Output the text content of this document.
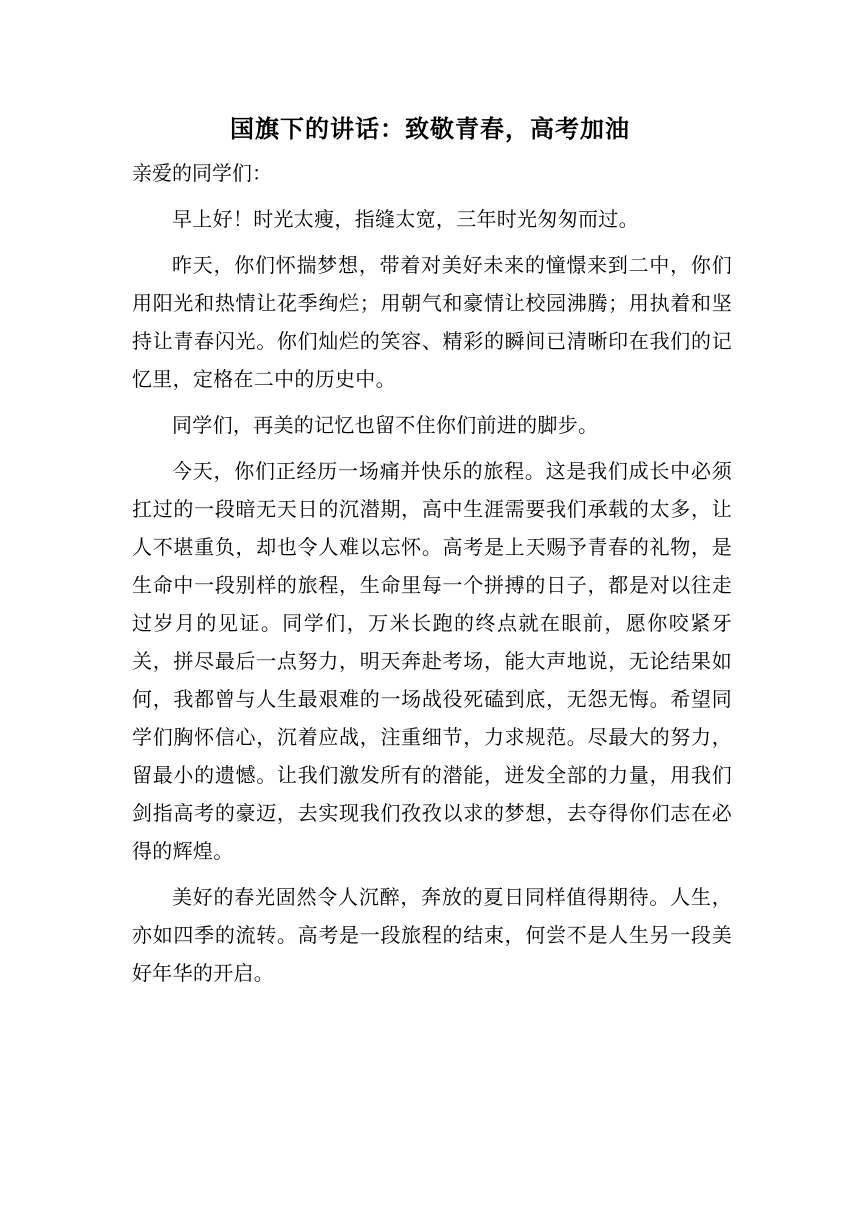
国旗下的讲话：致敬青春，高考加油

亲爱的同学们：

早上好！时光太瘦，指缝太宽，三年时光匆匆而过。

昨天，你们怀揣梦想，带着对美好未来的憧憬来到二中，你们用阳光和热情让花季绚烂；用朝气和豪情让校园沸腾；用执着和坚持让青春闪光。你们灿烂的笑容、精彩的瞬间已清晰印在我们的记忆里，定格在二中的历史中。

同学们，再美的记忆也留不住你们前进的脚步。

今天，你们正经历一场痛并快乐的旅程。这是我们成长中必须扛过的一段暗无天日的沉潜期，高中生涯需要我们承载的太多，让人不堪重负，却也令人难以忘怀。高考是上天赐予青春的礼物，是生命中一段别样的旅程，生命里每一个拼搏的日子，都是对以往走过岁月的见证。同学们，万米长跑的终点就在眼前，愿你咬紧牙关，拼尽最后一点努力，明天奔赴考场，能大声地说，无论结果如何，我都曾与人生最艰难的一场战役死磕到底，无怨无悔。希望同学们胸怀信心，沉着应战，注重细节，力求规范。尽最大的努力，留最小的遗憾。让我们激发所有的潜能，迸发全部的力量，用我们剑指高考的豪迈，去实现我们孜孜以求的梦想，去夺得你们志在必得的辉煌。

美好的春光固然令人沉醉，奔放的夏日同样值得期待。人生，亦如四季的流转。高考是一段旅程的结束，何尝不是人生另一段美好年华的开启。
